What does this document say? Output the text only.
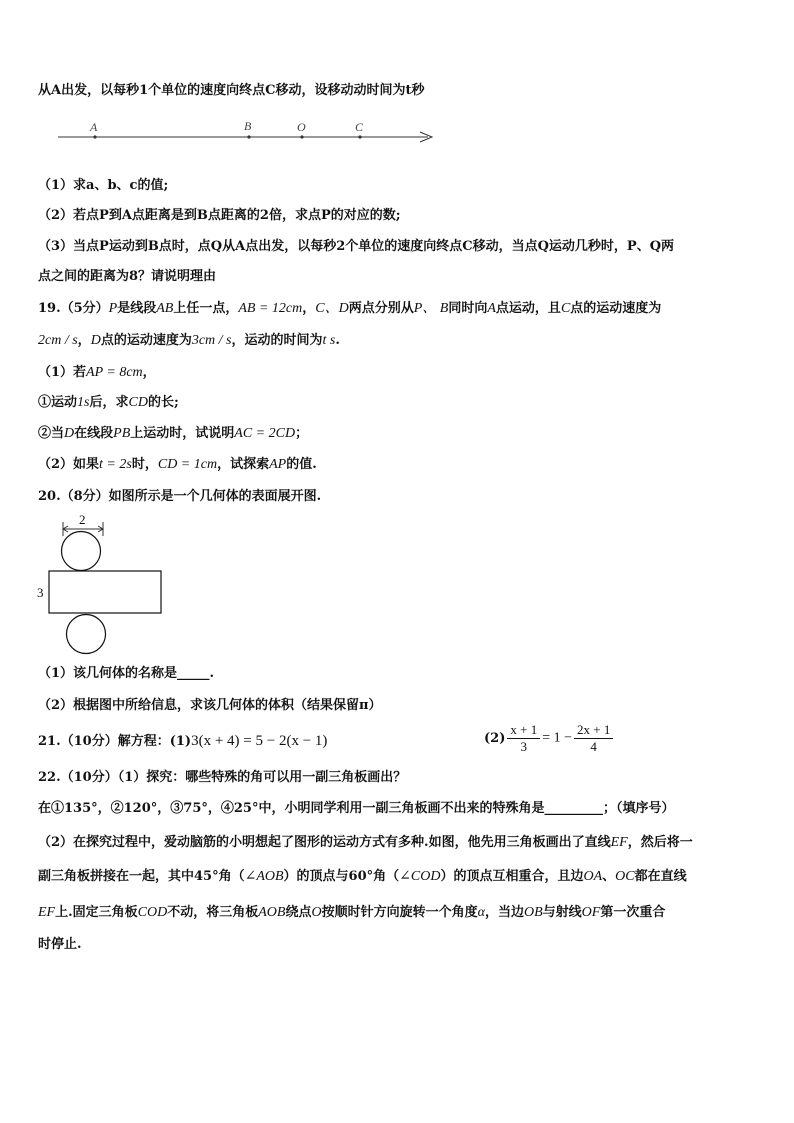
从A出发，以每秒1个单位的速度向终点C移动，设移动动时间为t秒
A	B	O	C
（1）求a、b、c的值;
（2）若点P到A点距离是到B点距离的2倍，求点P的对应的数;
（3）当点P运动到B点时，点Q从A点出发，以每秒2个单位的速度向终点C移动，当点Q运动几秒时，P、Q两
点之间的距离为8？请说明理由
19.（5分）P是线段AB上任一点，AB = 12cm，C、D两点分别从P、 B同时向A点运动，且C点的运动速度为
2cm / s，D点的运动速度为3cm / s，运动的时间为t s.
（1）若AP = 8cm，
①运动1s后，求CD的长;
②当D在线段PB上运动时，试说明AC = 2CD；
（2）如果t = 2s时，CD = 1cm，试探索AP的值.
20.（8分）如图所示是一个几何体的表面展开图.
2
3
（1）该几何体的名称是_____.
（2）根据图中所给信息，求该几何体的体积（结果保留π）
21.（10分）解方程：(1)3(x + 4) = 5 − 2(x − 1)	$(2) \frac{x + 1}{3} = 1 - \frac{2x + 1}{4}$
22.（10分）（1）探究：哪些特殊的角可以用一副三角板画出？
在①135°，②120°，③75°，④25°中，小明同学利用一副三角板画不出来的特殊角是_________；（填序号）
（2）在探究过程中，爱动脑筋的小明想起了图形的运动方式有多种.如图，他先用三角板画出了直线EF，然后将一
副三角板拼接在一起，其中45°角（∠AOB）的顶点与60°角（∠COD）的顶点互相重合，且边OA、OC都在直线
EF上.固定三角板COD不动，将三角板AOB绕点O按顺时针方向旋转一个角度α，当边OB与射线OF第一次重合
时停止.
